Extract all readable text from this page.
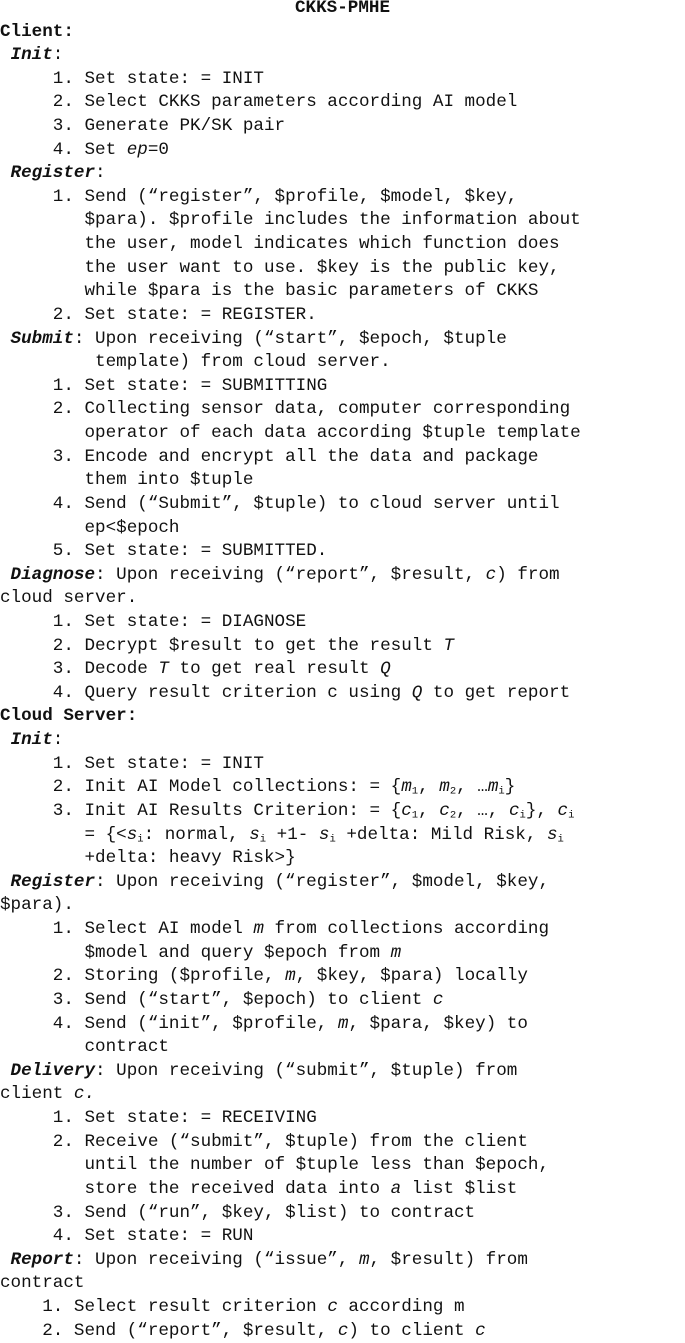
CKKS-PMHE
Client:
Init:
1. Set state: = INIT
2. Select CKKS parameters according AI model
3. Generate PK/SK pair
4. Set ep=0
Register:
1. Send (“register”, $profile, $model, $key,
$para). $profile includes the information about
the user, model indicates which function does
the user want to use. $key is the public key,
while $para is the basic parameters of CKKS
2. Set state: = REGISTER.
Submit: Upon receiving (“start”, $epoch, $tuple
template) from cloud server.
1. Set state: = SUBMITTING
2. Collecting sensor data, computer corresponding
operator of each data according $tuple template
3. Encode and encrypt all the data and package
them into $tuple
4. Send (“Submit”, $tuple) to cloud server until
ep<$epoch
5. Set state: = SUBMITTED.
Diagnose: Upon receiving (“report”, $result, c) from
cloud server.
1. Set state: = DIAGNOSE
2. Decrypt $result to get the result T
3. Decode T to get real result Q
4. Query result criterion c using Q to get report
Cloud Server:
Init:
1. Set state: = INIT
2. Init AI Model collections: = {$m_1$, $m_2$, $\dots m_i$}
3. Init AI Results Criterion: = {$c_1$, $c_2$, …, $c_i$}, $c_i$
= {$<s_i$: normal, $s_i +1-$ $s_i$ +delta: Mild Risk, $s_i$
+delta: heavy Risk>}
Register: Upon receiving (“register”, $model, $key,
$para).
1. Select AI model m from collections according
$model and query $epoch from m
2. Storing ($profile, m, $key, $para) locally
3. Send (“start”, $epoch) to client c
4. Send (“init”, $profile, m, $para, $key) to
contract
Delivery: Upon receiving (“submit”, $tuple) from
client c.
1. Set state: = RECEIVING
2. Receive (“submit”, $tuple) from the client
until the number of $tuple less than $epoch,
store the received data into a list $list
3. Send (“run”, $key, $list) to contract
4. Set state: = RUN
Report: Upon receiving (“issue”, m, $result) from
contract
1. Select result criterion c according m
2. Send (“report”, $result, c) to client c
